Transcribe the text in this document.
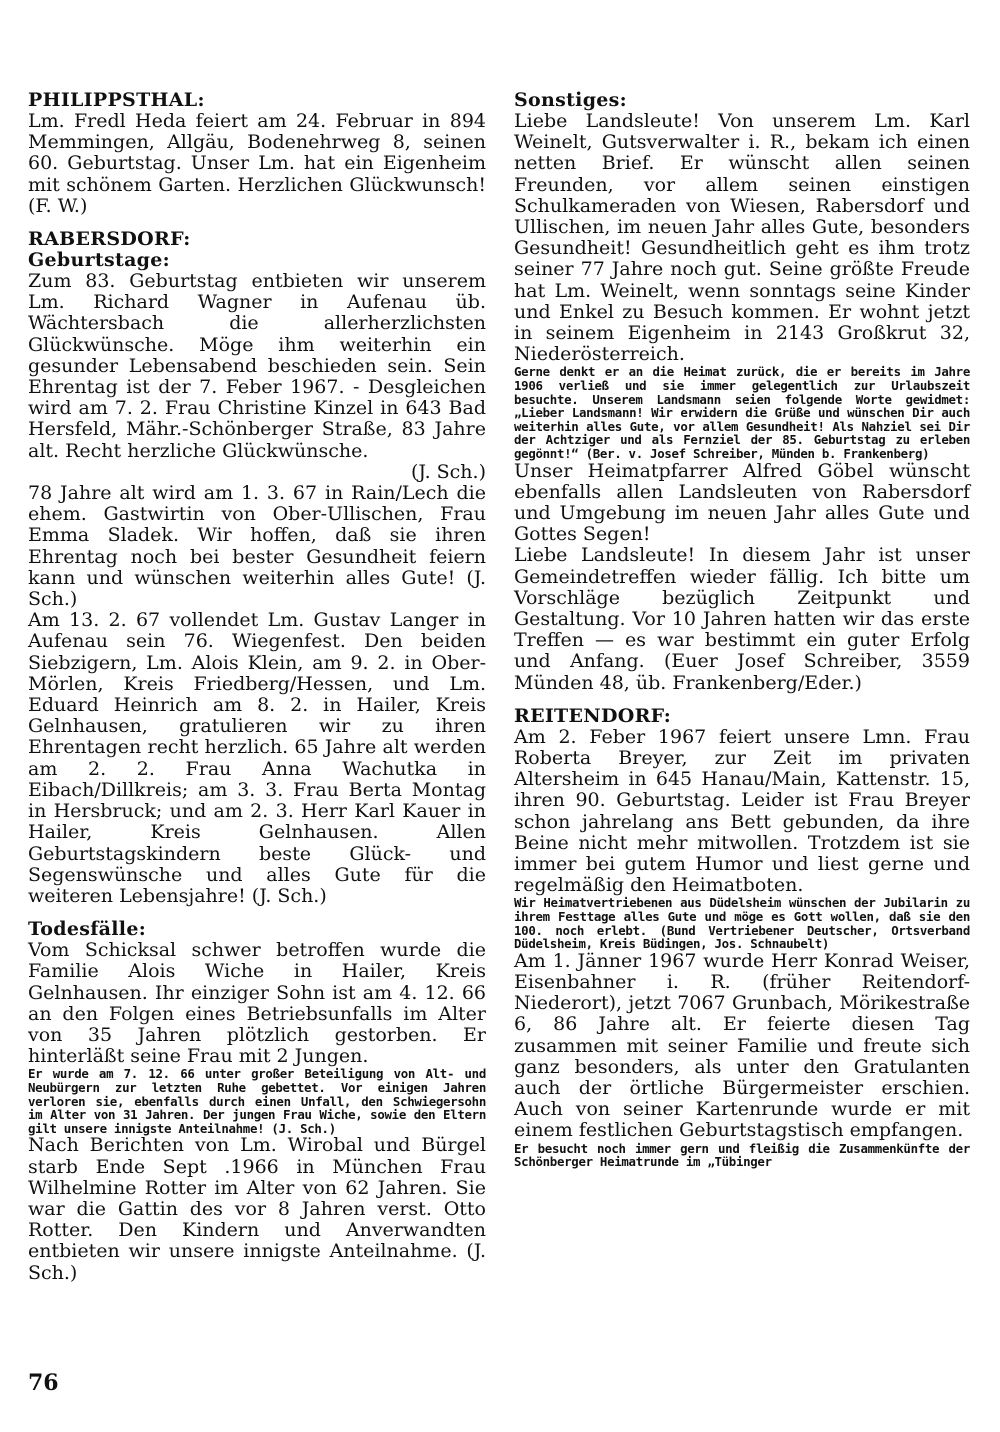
PHILIPPSTHAL:

Lm. Fredl Heda feiert am 24. Februar in 894 Memmingen, Allgäu, Bodenehrweg 8, seinen 60. Geburtstag. Unser Lm. hat ein Eigenheim mit schönem Garten. Herzlichen Glückwunsch! (F. W.)

RABERSDORF:
Geburtstage:

Zum 83. Geburtstag entbieten wir unserem Lm. Richard Wagner in Aufenau üb. Wächtersbach die allerherzlichsten Glückwünsche. Möge ihm weiterhin ein gesunder Lebensabend beschieden sein. Sein Ehrentag ist der 7. Feber 1967. - Desgleichen wird am 7. 2. Frau Christine Kinzel in 643 Bad Hersfeld, Mähr.-Schönberger Straße, 83 Jahre alt. Recht herzliche Glückwünsche.

(J. Sch.)

78 Jahre alt wird am 1. 3. 67 in Rain/Lech die ehem. Gastwirtin von Ober-Ullischen, Frau Emma Sladek. Wir hoffen, daß sie ihren Ehrentag noch bei bester Gesundheit feiern kann und wünschen weiterhin alles Gute! (J. Sch.)

Am 13. 2. 67 vollendet Lm. Gustav Langer in Aufenau sein 76. Wiegenfest. Den beiden Siebzigern, Lm. Alois Klein, am 9. 2. in Ober-Mörlen, Kreis Friedberg/Hessen, und Lm. Eduard Heinrich am 8. 2. in Hailer, Kreis Gelnhausen, gratulieren wir zu ihren Ehrentagen recht herzlich. 65 Jahre alt werden am 2. 2. Frau Anna Wachutka in Eibach/Dillkreis; am 3. 3. Frau Berta Montag in Hersbruck; und am 2. 3. Herr Karl Kauer in Hailer, Kreis Gelnhausen. Allen Geburtstagskindern beste Glück- und Segenswünsche und alles Gute für die weiteren Lebensjahre! (J. Sch.)

Todesfälle:

Vom Schicksal schwer betroffen wurde die Familie Alois Wiche in Hailer, Kreis Gelnhausen. Ihr einziger Sohn ist am 4. 12. 66 an den Folgen eines Betriebsunfalls im Alter von 35 Jahren plötzlich gestorben. Er hinterläßt seine Frau mit 2 Jungen.

Er wurde am 7. 12. 66 unter großer Beteiligung von Alt- und Neubürgern zur letzten Ruhe gebettet. Vor einigen Jahren verloren sie, ebenfalls durch einen Unfall, den Schwiegersohn im Alter von 31 Jahren. Der jungen Frau Wiche, sowie den Eltern gilt unsere innigste Anteilnahme! (J. Sch.)

Nach Berichten von Lm. Wirobal und Bürgel starb Ende Sept .1966 in München Frau Wilhelmine Rotter im Alter von 62 Jahren. Sie war die Gattin des vor 8 Jahren verst. Otto Rotter. Den Kindern und Anverwandten entbieten wir unsere innigste Anteilnahme. (J. Sch.)

Sonstiges:

Liebe Landsleute! Von unserem Lm. Karl Weinelt, Gutsverwalter i. R., bekam ich einen netten Brief. Er wünscht allen seinen Freunden, vor allem seinen einstigen Schulkameraden von Wiesen, Rabersdorf und Ullischen, im neuen Jahr alles Gute, besonders Gesundheit! Gesundheitlich geht es ihm trotz seiner 77 Jahre noch gut. Seine größte Freude hat Lm. Weinelt, wenn sonntags seine Kinder und Enkel zu Besuch kommen. Er wohnt jetzt in seinem Eigenheim in 2143 Großkrut 32, Niederösterreich.

Gerne denkt er an die Heimat zurück, die er bereits im Jahre 1906 verließ und sie immer gelegentlich zur Urlaubszeit besuchte. Unserem Landsmann seien folgende Worte gewidmet: „Lieber Landsmann! Wir erwidern die Grüße und wünschen Dir auch weiterhin alles Gute, vor allem Gesundheit! Als Nahziel sei Dir der Achtziger und als Fernziel der 85. Geburtstag zu erleben gegönnt!“ (Ber. v. Josef Schreiber, Münden b. Frankenberg)

Unser Heimatpfarrer Alfred Göbel wünscht ebenfalls allen Landsleuten von Rabersdorf und Umgebung im neuen Jahr alles Gute und Gottes Segen!

Liebe Landsleute! In diesem Jahr ist unser Gemeindetreffen wieder fällig. Ich bitte um Vorschläge bezüglich Zeitpunkt und Gestaltung. Vor 10 Jahren hatten wir das erste Treffen — es war bestimmt ein guter Erfolg und Anfang. (Euer Josef Schreiber, 3559 Münden 48, üb. Frankenberg/Eder.)

REITENDORF:

Am 2. Feber 1967 feiert unsere Lmn. Frau Roberta Breyer, zur Zeit im privaten Altersheim in 645 Hanau/Main, Kattenstr. 15, ihren 90. Geburtstag. Leider ist Frau Breyer schon jahrelang ans Bett gebunden, da ihre Beine nicht mehr mitwollen. Trotzdem ist sie immer bei gutem Humor und liest gerne und regelmäßig den Heimatboten.

Wir Heimatvertriebenen aus Düdelsheim wünschen der Jubilarin zu ihrem Festtage alles Gute und möge es Gott wollen, daß sie den 100. noch erlebt. (Bund Vertriebener Deutscher, Ortsverband Düdelsheim, Kreis Büdingen, Jos. Schnaubelt)

Am 1. Jänner 1967 wurde Herr Konrad Weiser, Eisenbahner i. R. (früher Reitendorf-Niederort), jetzt 7067 Grunbach, Mörikestraße 6, 86 Jahre alt. Er feierte diesen Tag zusammen mit seiner Familie und freute sich ganz besonders, als unter den Gratulanten auch der örtliche Bürgermeister erschien. Auch von seiner Kartenrunde wurde er mit einem festlichen Geburtstagstisch empfangen.

Er besucht noch immer gern und fleißig die Zusammenkünfte der Schönberger Heimatrunde im „Tübinger

76
